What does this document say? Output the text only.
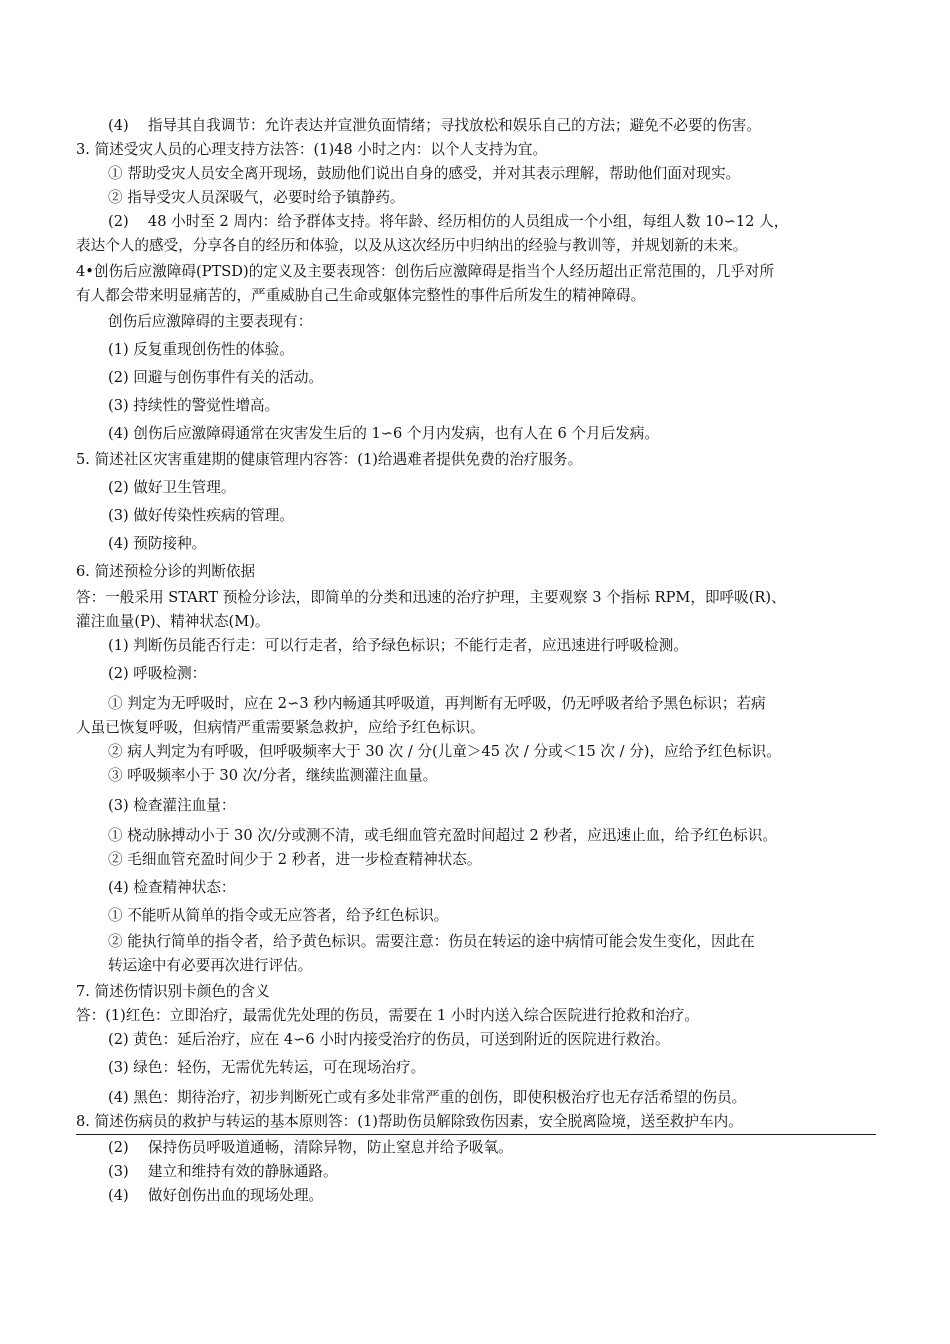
(4)　 指导其自我调节：允许表达并宣泄负面情绪；寻找放松和娱乐自己的方法；避免不必要的伤害。
3. 简述受灾人员的心理支持方法答：(1)48 小时之内：以个人支持为宜。
① 帮助受灾人员安全离开现场，鼓励他们说出自身的感受，并对其表示理解，帮助他们面对现实。
② 指导受灾人员深吸气，必要时给予镇静药。
(2)　 48 小时至 2 周内：给予群体支持。将年龄、经历相仿的人员组成一个小组，每组人数 10∽12 人，
表达个人的感受，分享各自的经历和体验，以及从这次经历中归纳出的经验与教训等，并规划新的未来。
4•创伤后应激障碍(PTSD)的定义及主要表现答：创伤后应激障碍是指当个人经历超出正常范围的，几乎对所
有人都会带来明显痛苦的，严重威胁自己生命或躯体完整性的事件后所发生的精神障碍。
创伤后应激障碍的主要表现有：
(1) 反复重现创伤性的体验。
(2) 回避与创伤事件有关的活动。
(3) 持续性的警觉性增高。
(4) 创伤后应激障碍通常在灾害发生后的 1∽6 个月内发病，也有人在 6 个月后发病。
5. 简述社区灾害重建期的健康管理内容答：(1)给遇难者提供免费的治疗服务。
(2) 做好卫生管理。
(3) 做好传染性疾病的管理。
(4) 预防接种。
6. 简述预检分诊的判断依据
答：一般采用 START 预检分诊法，即简单的分类和迅速的治疗护理，主要观察 3 个指标 RPM，即呼吸(R)、
灌注血量(P)、精神状态(M)。
(1) 判断伤员能否行走：可以行走者，给予绿色标识；不能行走者，应迅速进行呼吸检测。
(2) 呼吸检测：
① 判定为无呼吸时，应在 2∽3 秒内畅通其呼吸道，再判断有无呼吸，仍无呼吸者给予黑色标识；若病
人虽已恢复呼吸，但病情严重需要紧急救护，应给予红色标识。
② 病人判定为有呼吸，但呼吸频率大于 30 次 / 分(儿童＞45 次 / 分或＜15 次 / 分)，应给予红色标识。
③ 呼吸频率小于 30 次/分者，继续监测灌注血量。
(3) 检查灌注血量：
① 桡动脉搏动小于 30 次/分或测不清，或毛细血管充盈时间超过 2 秒者，应迅速止血，给予红色标识。
② 毛细血管充盈时间少于 2 秒者，进一步检查精神状态。
(4) 检查精神状态：
① 不能听从简单的指令或无应答者，给予红色标识。
② 能执行简单的指令者，给予黄色标识。需要注意：伤员在转运的途中病情可能会发生变化，因此在
转运途中有必要再次进行评估。
7. 简述伤情识别卡颜色的含义
答：(1)红色：立即治疗，最需优先处理的伤员，需要在 1 小时内送入综合医院进行抢救和治疗。
(2) 黄色：延后治疗，应在 4∽6 小时内接受治疗的伤员，可送到附近的医院进行救治。
(3) 绿色：轻伤，无需优先转运，可在现场治疗。
(4) 黑色：期待治疗，初步判断死亡或有多处非常严重的创伤，即使积极治疗也无存活希望的伤员。
8. 简述伤病员的救护与转运的基本原则答：(1)帮助伤员解除致伤因素，安全脱离险境，送至救护车内。
(2)　 保持伤员呼吸道通畅，清除异物，防止窒息并给予吸氧。
(3)　 建立和维持有效的静脉通路。
(4)　 做好创伤出血的现场处理。
